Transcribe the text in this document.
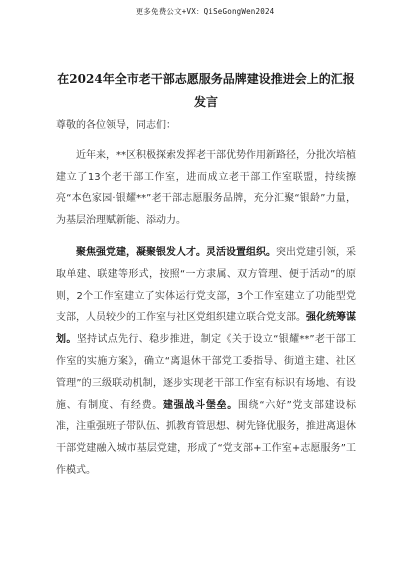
更多免费公文+VX：QiSeGongWen2024
在2024年全市老干部志愿服务品牌建设推进会上的汇报发言

尊敬的各位领导，同志们：

近年来，**区积极探索发挥老干部优势作用新路径，分批次培植建立了13个老干部工作室，进而成立老干部工作室联盟，持续擦亮“本色家园·银耀**”老干部志愿服务品牌，充分汇聚“银龄”力量，为基层治理赋新能、添动力。

聚焦强党建，凝聚银发人才。灵活设置组织。突出党建引领，采取单建、联建等形式，按照“一方隶属、双方管理、便于活动”的原则，2个工作室建立了实体运行党支部，3个工作室建立了功能型党支部，人员较少的工作室与社区党组织建立联合党支部。强化统筹谋划。坚持试点先行、稳步推进，制定《关于设立“银耀**”老干部工作室的实施方案》，确立“离退休干部党工委指导、街道主建、社区管理”的三级联动机制，逐步实现老干部工作室有标识有场地、有设施、有制度、有经费。建强战斗堡垒。围绕“六好”党支部建设标准，注重强班子带队伍、抓教育管思想、树先锋优服务，推进离退休干部党建融入城市基层党建，形成了“党支部+工作室+志愿服务”工作模式。
